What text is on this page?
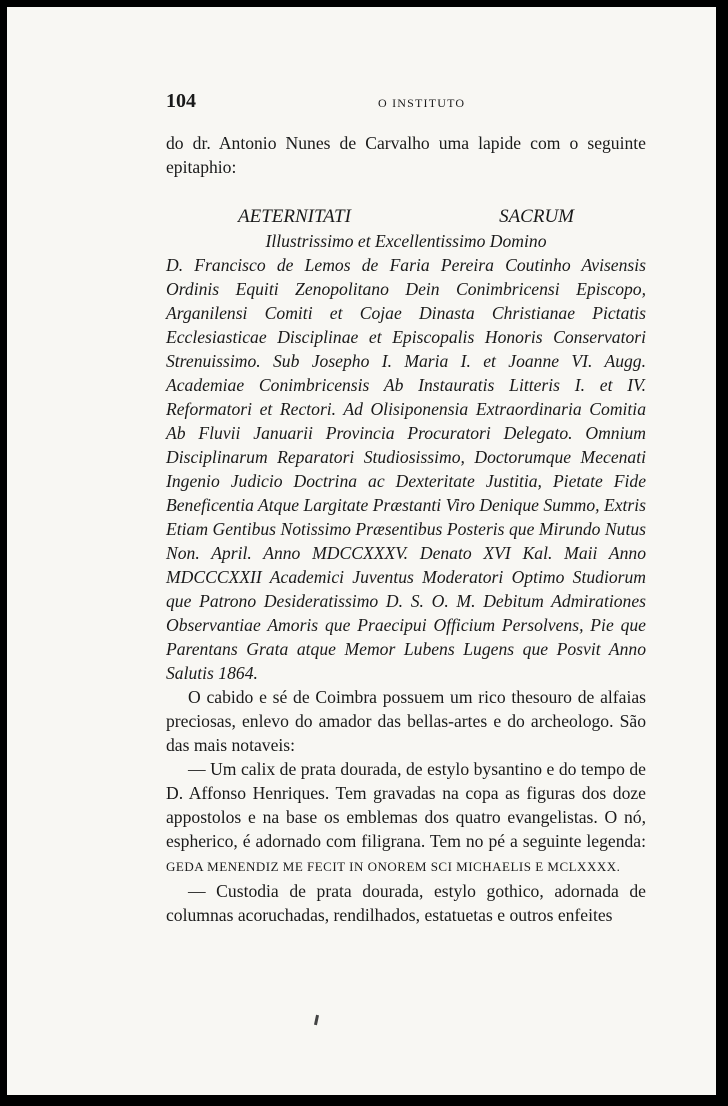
104	O INSTITUTO
do dr. Antonio Nunes de Carvalho uma lapide com o seguinte epitaphio:
AETERNITATI	SACRUM
Illustrissimo et Excellentissimo Domino
D. Francisco de Lemos de Faria Pereira Coutinho Avisensis Ordinis Equiti Zenopolitano Dein Conimbricensi Episcopo, Arganilensi Comiti et Cojae Dinasta Christianae Pictatis Ecclesiasticae Disciplinae et Episcopalis Honoris Conservatori Strenuissimo. Sub Josepho I. Maria I. et Joanne VI. Augg. Academiae Conimbricensis Ab Instauratis Litteris I. et IV. Reformatori et Rectori. Ad Olisiponensia Extraordinaria Comitia Ab Fluvii Januarii Provincia Procuratori Delegato. Omnium Disciplinarum Reparatori Studiosissimo, Doctorumque Mecenati Ingenio Judicio Doctrina ac Dexteritate Justitia, Pietate Fide Beneficentia Atque Largitate Præstanti Viro Denique Summo, Extris Etiam Gentibus Notissimo Præsentibus Posteris que Mirundo Nutus Non. April. Anno MDCCXXXV. Denato XVI Kal. Maii Anno MDCCCXXII Academici Juventus Moderatori Optimo Studiorum que Patrono Desideratissimo D. S. O. M. Debitum Admirationes Observantiae Amoris que Praecipui Officium Persolvens, Pie que Parentans Grata atque Memor Lubens Lugens que Posvit Anno Salutis 1864.

O cabido e sé de Coimbra possuem um rico thesouro de alfaias preciosas, enlevo do amador das bellas-artes e do archeologo. São das mais notaveis:

— Um calix de prata dourada, de estylo bysantino e do tempo de D. Affonso Henriques. Tem gravadas na copa as figuras dos doze appostolos e na base os emblemas dos quatro evangelistas. O nó, espherico, é adornado com filigrana. Tem no pé a seguinte legenda: GEDA MENENDIZ ME FECIT IN ONOREM SCI MICHAELIS E MCLXXXX.

— Custodia de prata dourada, estylo gothico, adornada de columnas acoruchadas, rendilhados, estatuetas e outros enfeites
